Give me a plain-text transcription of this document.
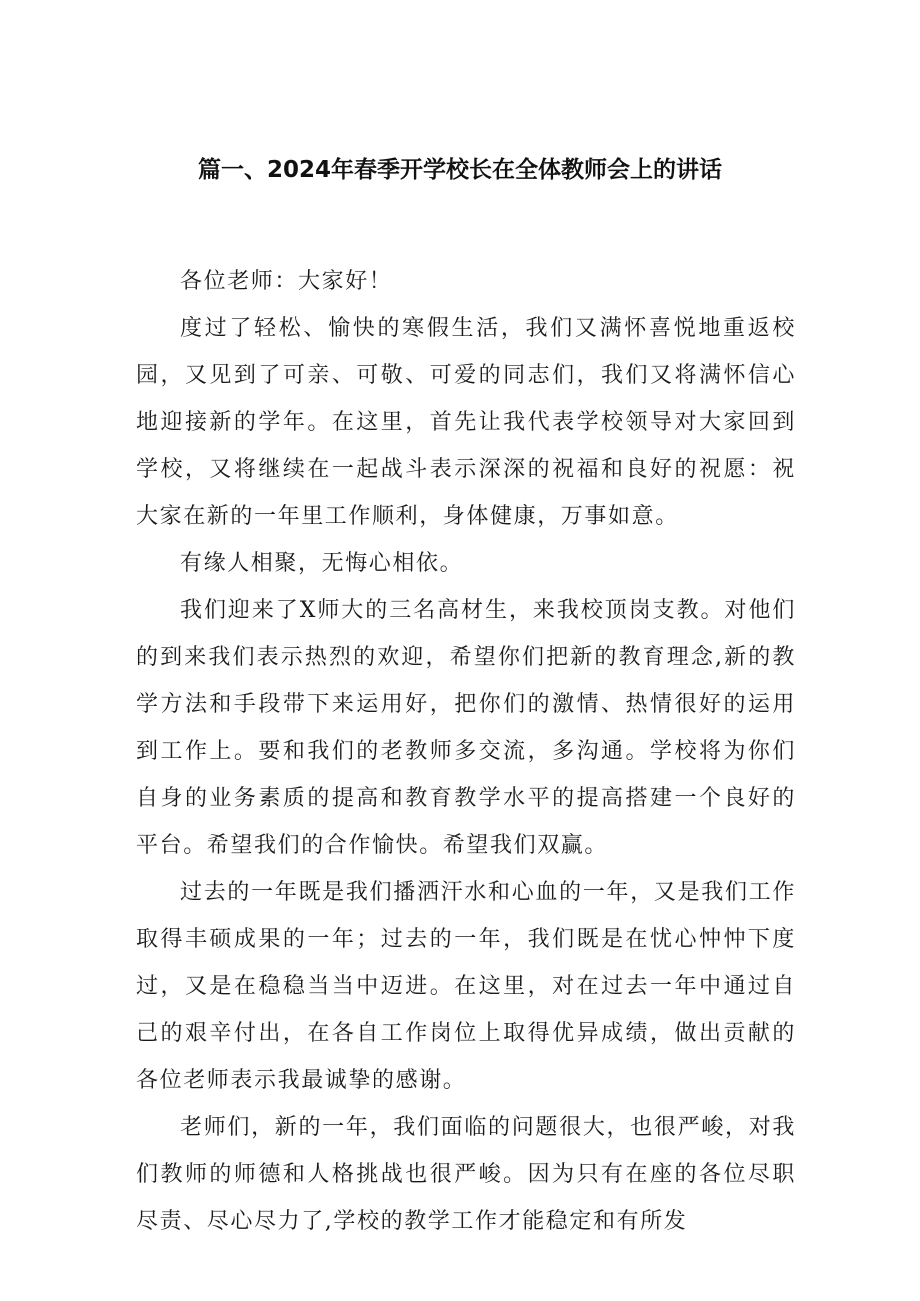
篇一、2024年春季开学校长在全体教师会上的讲话

各位老师：大家好！

度过了轻松、愉快的寒假生活，我们又满怀喜悦地重返校园，又见到了可亲、可敬、可爱的同志们，我们又将满怀信心地迎接新的学年。在这里，首先让我代表学校领导对大家回到学校，又将继续在一起战斗表示深深的祝福和良好的祝愿：祝大家在新的一年里工作顺利，身体健康，万事如意。

有缘人相聚，无悔心相依。

我们迎来了X师大的三名高材生，来我校顶岗支教。对他们的到来我们表示热烈的欢迎，希望你们把新的教育理念,新的教学方法和手段带下来运用好，把你们的激情、热情很好的运用到工作上。要和我们的老教师多交流，多沟通。学校将为你们自身的业务素质的提高和教育教学水平的提高搭建一个良好的平台。希望我们的合作愉快。希望我们双赢。

过去的一年既是我们播洒汗水和心血的一年，又是我们工作取得丰硕成果的一年；过去的一年，我们既是在忧心忡忡下度过，又是在稳稳当当中迈进。在这里，对在过去一年中通过自己的艰辛付出，在各自工作岗位上取得优异成绩，做出贡献的各位老师表示我最诚挚的感谢。

老师们，新的一年，我们面临的问题很大，也很严峻，对我们教师的师德和人格挑战也很严峻。因为只有在座的各位尽职尽责、尽心尽力了,学校的教学工作才能稳定和有所发
